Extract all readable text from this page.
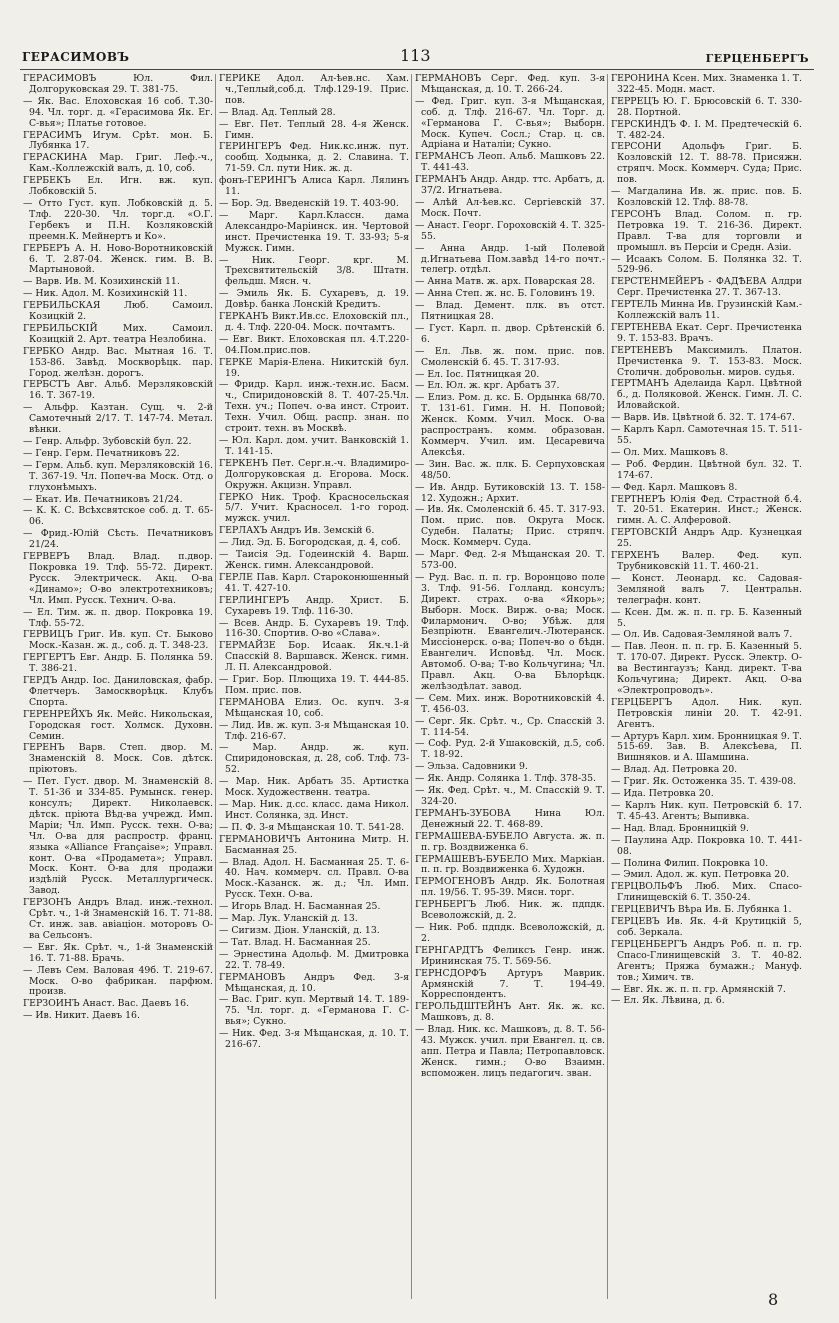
ГЕРАСИМОВЪ	113	ГЕРЦЕНБЕРГЪ
ГЕРАСИМОВЪ Юл. Фил. Долгоруковская 29. Т. 381-75.
— Як. Вас. Елоховская 16 соб. Т.30-94. Чл. торг. д. «Герасимова Як. Ег. С-вья»; Платье готовое.
ГЕРАСИМЪ Игум. Срѣт. мон. Б. Лубянка 17.
ГЕРАСКИНА Мар. Григ. Леф.-ч., Кам.-Коллежскій валъ, д. 10, соб.
ГЕРБЕКЪ Ел. Игн. вж. куп. Лобковскій 5.
— Отто Густ. куп. Лобковскій д. 5. Тлф. 220-30. Чл. торг.д. «О.Г. Гербекъ и П.Н. Козляковскій преемн.К. Мейнертъ и Ко».
ГЕРБЕРЪ А. Н. Ново-Воротниковскій 6. Т. 2.87-04. Женск. гим. В. В. Мартыновой.
— Варв. Ив. М. Козихинскій 11.
— Ник. Адол. М. Козихинскій 11.
ГЕРБИЛЬСКАЯ Люб. Самоил. Козицкій 2.
ГЕРБИЛЬСКІЙ Мих. Самоил. Козицкій 2. Арт. театра Незлобина.
ГЕРБКО Андр. Вас. Мытная 16. Т. 153-86. Завѣд. Москворѣцк. пар. Город. желѣзн. дорогъ.
ГЕРБСТЪ Авг. Альб. Мерзляковскій 16. Т. 367-19.
— Альфр. Казтан. Сущ. ч. 2-й Самотечный 2/17. Т. 147-74. Метал. вѣнки.
— Генр. Альфр. Зубовскій бул. 22.
— Генр. Герм. Печатниковъ 22.
— Герм. Альб. куп. Мерзляковскій 16. Т. 367-19. Чл. Попеч-ва Моск. Отд. о глухонѣмыхъ.
— Екат. Ив. Печатниковъ 21/24.
— К. К. С. Всѣхсвятское соб. д. Т. 65-06.
— Фрид.-Юлій Сѣсть. Печатниковъ 21/24.
ГЕРВЕРЪ Влад. Влад. п.двор. Покровка 19. Тлф. 55-72. Директ. Русск. Электрическ. Акц. О-ва «Динамо»; О-во электротехниковъ; Чл. Имп. Русск. Технич. О-ва.
— Ел. Тим. ж. п. двор. Покровка 19. Тлф. 55-72.
ГЕРВИЦЪ Григ. Ив. куп. Ст. Быково Моск.-Казан. ж. д., соб. д. Т. 348-23.
ГЕРГЕРТЪ Евг. Андр. Б. Полянка 59. Т. 386-21.
ГЕРДЪ Андр. Іос. Даниловская, фабр. Флетчеръ. Замоскворѣцк. Клубъ Спорта.
ГЕРЕНРЕЙХЪ Як. Мейс. Никольская, Городская гост. Холмск. Духовн. Семин.
ГЕРЕНЪ Варв. Степ. двор. М. Знаменскій 8. Моск. Сов. дѣтск. пріютовъ.
— Пет. Густ. двор. М. Знаменскій 8. Т. 51-36 и 334-85. Румынск. генер. консулъ; Директ. Николаевск. дѣтск. пріюта Вѣд-ва учрежд. Имп. Маріи; Чл. Имп. Русск. техн. О-ва; Чл. О-ва для распростр. франц. языка «Alliance Française»; Управл. конт. О-ва «Продамета»; Управл. Моск. Конт. О-ва для продажи издѣлій Русск. Металлургическ. Завод.
ГЕРЗОНЪ Андръ Влад. инж.-технол. Срѣт. ч., 1-й Знаменскій 16. Т. 71-88. Ст. инж. зав. авіаціон. моторовъ О-ва Сельсонъ.
— Евг. Як. Срѣт. ч., 1-й Знаменскій 16. Т. 71-88. Брачь.
— Левъ Сем. Валовая 49б. Т. 219-67. Моск. О-во фабрикан. парфюм. произв.
ГЕРЗОИНЪ Анаст. Вас. Даевъ 16.
— Ив. Никит. Даевъ 16.
ГЕРИКЕ Адол. Ал-ѣев.нс. Хам. ч.,Теплый,соб.д. Тлф.129-19. Прис. пов.
— Влад. Ад. Теплый 28.
— Евг. Пет. Теплый 28. 4-я Женск. Гимн.
ГЕРИНГЕРЪ Фед. Ник.кс.инж. пут. сообщ. Ходынка, д. 2. Славина. Т. 71-59. Сл. пути Ник. ж. д.
фонъ-ГЕРИНГЪ Алиса Карл. Лялинъ 11.
— Бор. Эд. Введенскій 19. Т. 403-90.
— Марг. Карл.Классн. дама Александро-Маріинск. ин. Чертовой инст. Пречистенка 19. Т. 33-93; 5-я Мужск. Гимн.
— Ник. Георг. крг. М. Трехсвятительскій 3/8. Штатн. фельдш. Мясн. ч.
— Эмиль Як. Б. Сухаревъ, д. 19. Довѣр. банка Лонскій Кредитъ.
ГЕРКАНЪ Викт.Ив.сс. Елоховскій пл., д. 4. Тлф. 220-04. Моск. почтамтъ.
— Евг. Викт. Елоховская пл. 4.Т.220-04.Пом.прис.пов.
ГЕРКЕ Марія-Елена. Никитскій бул. 19.
— Фридр. Карл. инж.-техн.ис. Басм. ч., Спиридоновскій 8. Т. 407-25.Чл. Техн. уч.; Попеч. о-ва инст. Строит. Техн. Учил. Общ. распр. знан. по строит. техн. въ Москвѣ.
— Юл. Карл. дом. учит. Ванковскій 1. Т. 141-15.
ГЕРКЕНЪ Пет. Серг.н.-ч. Владимиро-Долгоруковская д. Егорова. Моск. Окружн. Акцизн. Управл.
ГЕРКО Ник. Троф. Красносельская 5/7. Учит. Красносел. 1-го город. мужск. учил.
ГЕРЛАХЪ Андръ Ив. Земскій 6.
— Лид. Эд. Б. Богородская, д. 4, соб.
— Таисія Эд. Годеинскій 4. Варш. Женск. гимн. Александровой.
ГЕРЛЕ Пав. Карл. Староконюшенный 41. Т. 427-10.
ГЕРЛИНГЕРЪ Андр. Христ. Б. Сухаревъ 19. Тлф. 116-30.
— Всев. Андр. Б. Сухаревъ 19. Тлф. 116-30. Спортив. О-во «Слава».
ГЕРМАЙЗЕ Бор. Исаак. Як.ч.1-й Спасскій 8. Варшавск. Женск. гимн. Л. П. Александровой.
— Григ. Бор. Плющиха 19. Т. 444-85. Пом. прис. пов.
ГЕРМАНОВА Елиз. Ос. купч. 3-я Мѣщанская 10, соб.
— Лид. Ив. ж. куп. 3-я Мѣщанская 10. Тлф. 216-67.
— Мар. Андр. ж. куп. Спиридоновская, д. 28, соб. Тлф. 73-52.
— Мар. Ник. Арбатъ 35. Артистка Моск. Художественн. театра.
— Мар. Ник. д.сс. класс. дама Никол. Инст. Солянка, зд. Инст.
— П. Ф. 3-я Мѣщанская 10. Т. 541-28.
ГЕРМАНОВИЧЪ Антонина Митр. Н. Басманная 25.
— Влад. Адол. Н. Басманная 25. Т. 6-40. Нач. коммерч. сл. Правл. О-ва Моск.-Казанск. ж. д.; Чл. Имп. Русск. Техн. О-ва.
— Игорь Влад. Н. Басманная 25.
— Мар. Лук. Уланскій д. 13.
— Сигизм. Діон. Уланскій, д. 13.
— Тат. Влад. Н. Басманная 25.
— Эрнестина Адольф. М. Дмитровка 22. Т. 78-49.
ГЕРМАНОВЪ Андръ Фед. 3-я Мѣщанская, д. 10.
— Вас. Григ. куп. Мертвый 14. Т. 189-75. Чл. торг. д. «Германова Г. С-вья»; Сукно.
— Ник. Фед. 3-я Мѣщанская, д. 10. Т. 216-67.
ГЕРМАНОВЪ Серг. Фед. куп. 3-я Мѣщанская, д. 10. Т. 266-24.
— Фед. Григ. куп. 3-я Мѣщанская, соб. д. Тлф. 216-67. Чл. Торг. д. «Германова Г. С-вья»; Выборн. Моск. Купеч. Сосл.; Стар. ц. св. Адріана и Наталіи; Сукно.
ГЕРМАНСЪ Леоп. Альб. Машковъ 22. Т. 441-43.
ГЕРМАНЪ Андр. Андр. ттс. Арбатъ, д. 37/2. Игнатьева.
— Алѣй Ал-ѣев.кс. Сергіевскій 37. Моск. Почт.
— Анаст. Георг. Гороховскій 4. Т. 325-55.
— Анна Андр. 1-ый Полевой д.Игнатьева Пом.завѣд 14-го почт.-телегр. отдѣл.
— Анна Матв. ж. арх. Поварская 28.
— Анна Степ. ж. нс. Б. Головинъ 19.
— Влад. Демент. плк. въ отст. Пятницкая 28.
— Густ. Карл. п. двор. Срѣтенскій б. 6.
— Ел. Льв. ж. пом. прис. пов. Смоленскій б. 45. Т. 317-93.
— Ел. Іос. Пятницкая 20.
— Ел. Юл. ж. крг. Арбатъ 37.
— Елиз. Ром. д. кс. Б. Ордынка 68/70. Т. 131-61. Гимн. Н. Н. Поповой; Женск. Комм. Учил. Моск. О-ва распространъ. комм. образован. Коммерч. Учил. им. Цесаревича Алексѣя.
— Зин. Вас. ж. плк. Б. Серпуховская 48/50.
— Ив. Андр. Бутиковскій 13. Т. 158-12. Художн.; Архит.
— Ив. Як. Смоленскій б. 45. Т. 317-93. Пом. прис. пов. Округа Моск. Судебн. Палаты; Прис. стряпч. Моск. Коммерч. Суда.
— Марг. Фед. 2-я Мѣщанская 20. Т. 573-00.
— Руд. Вас. п. п. гр. Воронцово поле 3. Тлф. 91-56. Голланд. консулъ; Директ. страх. о-ва «Якорь»; Выборн. Моск. Вирж. о-ва; Моск. Филармонич. О-во; Убѣж. для Безпріютн. Евангелич.-Лютеранск. Миссіонерск. о-ва; Попеч-во о бѣдн. Евангелич. Исповѣд. Чл. Моск. Автомоб. О-ва; Т-во Кольчугина; Чл. Правл. Акц. О-ва Бѣлорѣцк. желѣзодѣлат. завод.
— Сем. Мих. инж. Воротниковскій 4. Т. 456-03.
— Серг. Як. Срѣт. ч., Ср. Спасскій 3. Т. 114-54.
— Соф. Руд. 2-й Ушаковскій, д.5, соб. Т. 18-92.
— Эльза. Садовники 9.
— Як. Андр. Солянка 1. Тлф. 378-35.
— Як. Фед. Срѣт. ч., М. Спасскій 9. Т. 324-20.
ГЕРМАНЪ-ЗУБОВА Нина Юл. Денежный 22. Т. 468-89.
ГЕРМАШЕВА-БУБЕЛО Августа. ж. п. п. гр. Воздвиженка 6.
ГЕРМАШЕВЪ-БУБЕЛО Мих. Маркіан. п. п. гр. Воздвиженка 6. Художн.
ГЕРМОГЕНОВЪ Андр. Як. Болотная пл. 19/56. Т. 95-39. Мясн. торг.
ГЕРНБЕРГЪ Люб. Ник. ж. пдпдк. Всеволожскій, д. 2.
— Ник. Роб. пдпдк. Всеволожскій, д. 2.
ГЕРНГАРДТЪ Феликсъ Генр. инж. Ирининская 75. Т. 569-56.
ГЕРНСДОРФЪ Артуръ Маврик. Армянскій 7. Т. 194-49. Корреспондентъ.
ГЕРОЛЬДШТЕЙНЪ Ант. Як. ж. кс. Машковъ, д. 8.
— Влад. Ник. кс. Машковъ, д. 8. Т. 56-43. Мужск. учил. при Евангел. ц. св. апп. Петра и Павла; Петропавловск. Женск. гимн.; О-во Взаимн. вспоможен. лицъ педагогич. зван.
ГЕРОНИНА Ксен. Мих. Знаменка 1. Т. 322-45. Модн. маст.
ГЕРРЕЦЪ Ю. Г. Брюсовскій 6. Т. 330-28. Портной.
ГЕРСКИНДЪ Ф. І. М. Предтеческій 6. Т. 482-24.
ГЕРСОНИ Адольфъ Григ. Б. Козловскій 12. Т. 88-78. Присяжн. стряпч. Моск. Коммерч. Суда; Прис. пов.
— Магдалина Ив. ж. прис. пов. Б. Козловскій 12. Тлф. 88-78.
ГЕРСОНЪ Влад. Солом. п. гр. Петровка 19. Т. 216-36. Директ. Правл. Т-ва для торговли и промышл. въ Персіи и Средн. Азіи.
— Исаакъ Солом. Б. Полянка 32. Т. 529-96.
ГЕРСТЕНМЕЙЕРЪ - ФАДѢЕВА Алдри Серг. Пречистенка 27. Т. 367-13.
ГЕРТЕЛЬ Минна Ив. Грузинскій Кам.-Коллежскій валъ 11.
ГЕРТЕНЕВА Екат. Серг. Пречистенка 9. Т. 153-83. Врачъ.
ГЕРТЕНЕВЪ Максимилъ. Платон. Пречистенка 9. Т. 153-83. Моск. Столичн. добровольн. миров. судья.
ГЕРТМАНЪ Аделаида Карл. Цвѣтной б., д. Поляковой. Женск. Гимн. Л. С. Иловайской.
— Варв. Ив. Цвѣтной б. 32. Т. 174-67.
— Карлъ Карл. Самотечная 15. Т. 511-55.
— Ол. Мих. Машковъ 8.
— Роб. Фердин. Цвѣтной бул. 32. Т. 174-67.
— Фед. Карл. Машковъ 8.
ГЕРТНЕРЪ Юлія Фед. Страстной б.4. Т. 20-51. Екатерин. Инст.; Женск. гимн. А. С. Алферовой.
ГЕРТОВСКІЙ Андръ Адр. Кузнецкая 25.
ГЕРХЕНЪ Валер. Фед. куп. Трубниковскій 11. Т. 460-21.
— Конст. Леонард. кс. Садовая-Земляной валъ 7. Центральн. телеграфн. конт.
— Ксен. Дм. ж. п. п. гр. Б. Казенный 5.
— Ол. Ив. Садовая-Земляной валъ 7.
— Пав. Леон. п. п. гр. Б. Казенный 5. Т. 170-07. Директ. Русск. Электр. О-ва Вестингаузъ; Канд. директ. Т-ва Кольчугина; Директ. Акц. О-ва «Электропроводъ».
ГЕРЦБЕРГЪ Адол. Ник. куп. Петровскія линіи 20. Т. 42-91. Агентъ.
— Артуръ Карл. хим. Бронницкая 9. Т. 515-69. Зав. В. Алексѣева, П. Вишняков. и А. Шамшина.
— Влад. Ад. Петровка 20.
— Григ. Як. Остоженка 35. Т. 439-08.
— Ида. Петровка 20.
— Карлъ Ник. куп. Петровскій б. 17. Т. 45-43. Агентъ; Выпивка.
— Над. Влад. Бронницкій 9.
— Паулина Адр. Покровка 10. Т. 441-08.
— Полина Филип. Покровка 10.
— Эмил. Адол. ж. куп. Петровка 20.
ГЕРЦВОЛЬФЪ Люб. Мих. Спасо-Глинищевскій 6. Т. 350-24.
ГЕРЦЕВИЧЪ Вѣра Ив. Б. Лубянка 1.
ГЕРЦЕВЪ Ив. Як. 4-й Крутицкій 5, соб. Зеркала.
ГЕРЦЕНБЕРГЪ Андръ Роб. п. п. гр. Спасо-Глинищевскій 3. Т. 40-82. Агентъ; Пряжа бумажн.; Мануф. тов.; Химич. тв.
— Евг. Як. ж. п. п. гр. Армянскій 7.
— Ел. Як. Лѣвина, д. 6.
8
